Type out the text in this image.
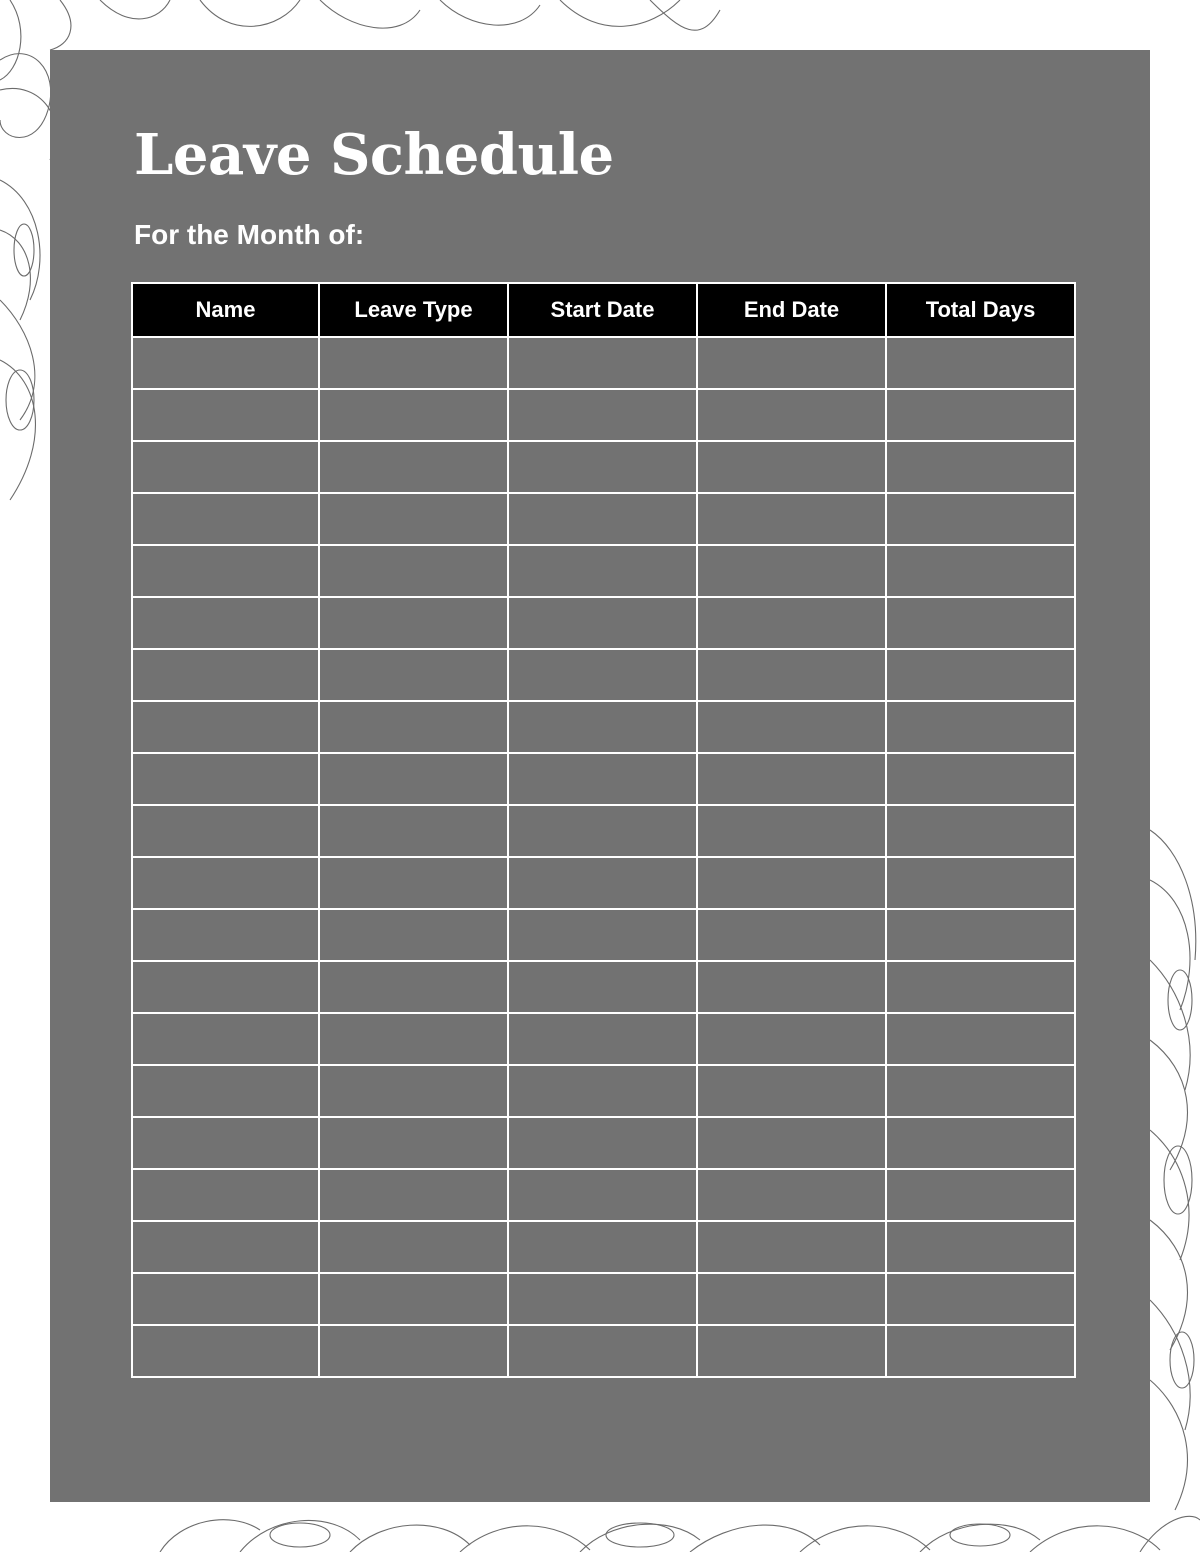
Leave Schedule
For the Month of:
Name	Leave Type	Start Date	End Date	Total Days
